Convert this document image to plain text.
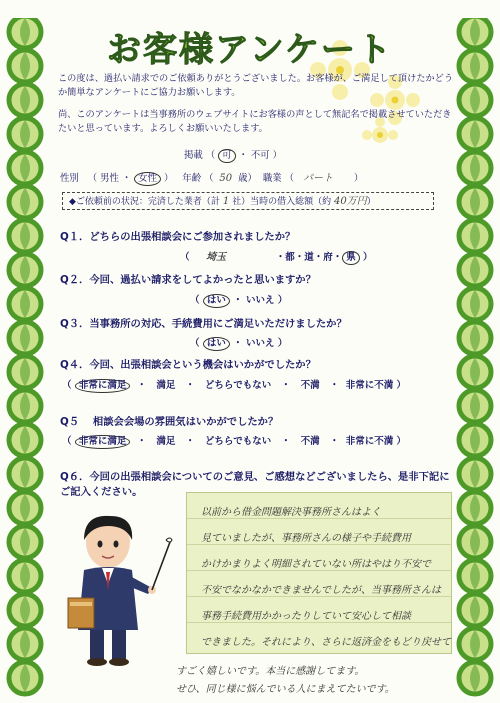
お客様アンケート
この度は、過払い請求でのご依頼ありがとうございました。お客様が、ご満足して頂けたかどうか簡単なアンケートにご協力お願いします。
尚、このアンケートは当事務所のウェブサイトにお客様の声として無記名で掲載させていただきたいと思っています。よろしくお願いいたします。
掲載 （ 可 ・ 不可 ）
性別 （ 男性 ・ 女性 ） 年齢 （ 50 歳） 職業 （ パート ）
◆ご依頼前の状況：完済した業者（計 1 社）当時の借入総額（約 40万円）
Q１．どちらの出張相談会にご参加されましたか？
（ 埼玉	・都・道・府・ 県 ）
Q２．今回、過払い請求をしてよかったと思いますか？
（ はい ・ いいえ ）
Q３．当事務所の対応、手続費用にご満足いただけましたか？
（ はい ・ いいえ ）
Q４．今回、出張相談会という機会はいかがでしたか？
（ 非常に満足 ・ 満足 ・ どちらでもない ・ 不満 ・ 非常に不満 ）
Q５　 相談会会場の雰囲気はいかがでしたか？
（ 非常に満足 ・ 満足 ・ どちらでもない ・ 不満 ・ 非常に不満 ）
Q６．今回の出張相談会についてのご意見、ご感想などございましたら、是非下記にご記入ください。
以前から借金問題解決事務所さんはよく
見ていましたが、事務所さんの様子や手続費用
かけかまりよく明細されていない所はやはり不安で
不安でなかなかできませんでしたが、当事務所さんは
事務手続費用かかったりしていて安心して相談
できました。それにより、さらに返済金をもどり戻せて
すごく嬉しいです。本当に感謝してます。
せひ、同じ様に悩んでいる人にまえてたいです。
